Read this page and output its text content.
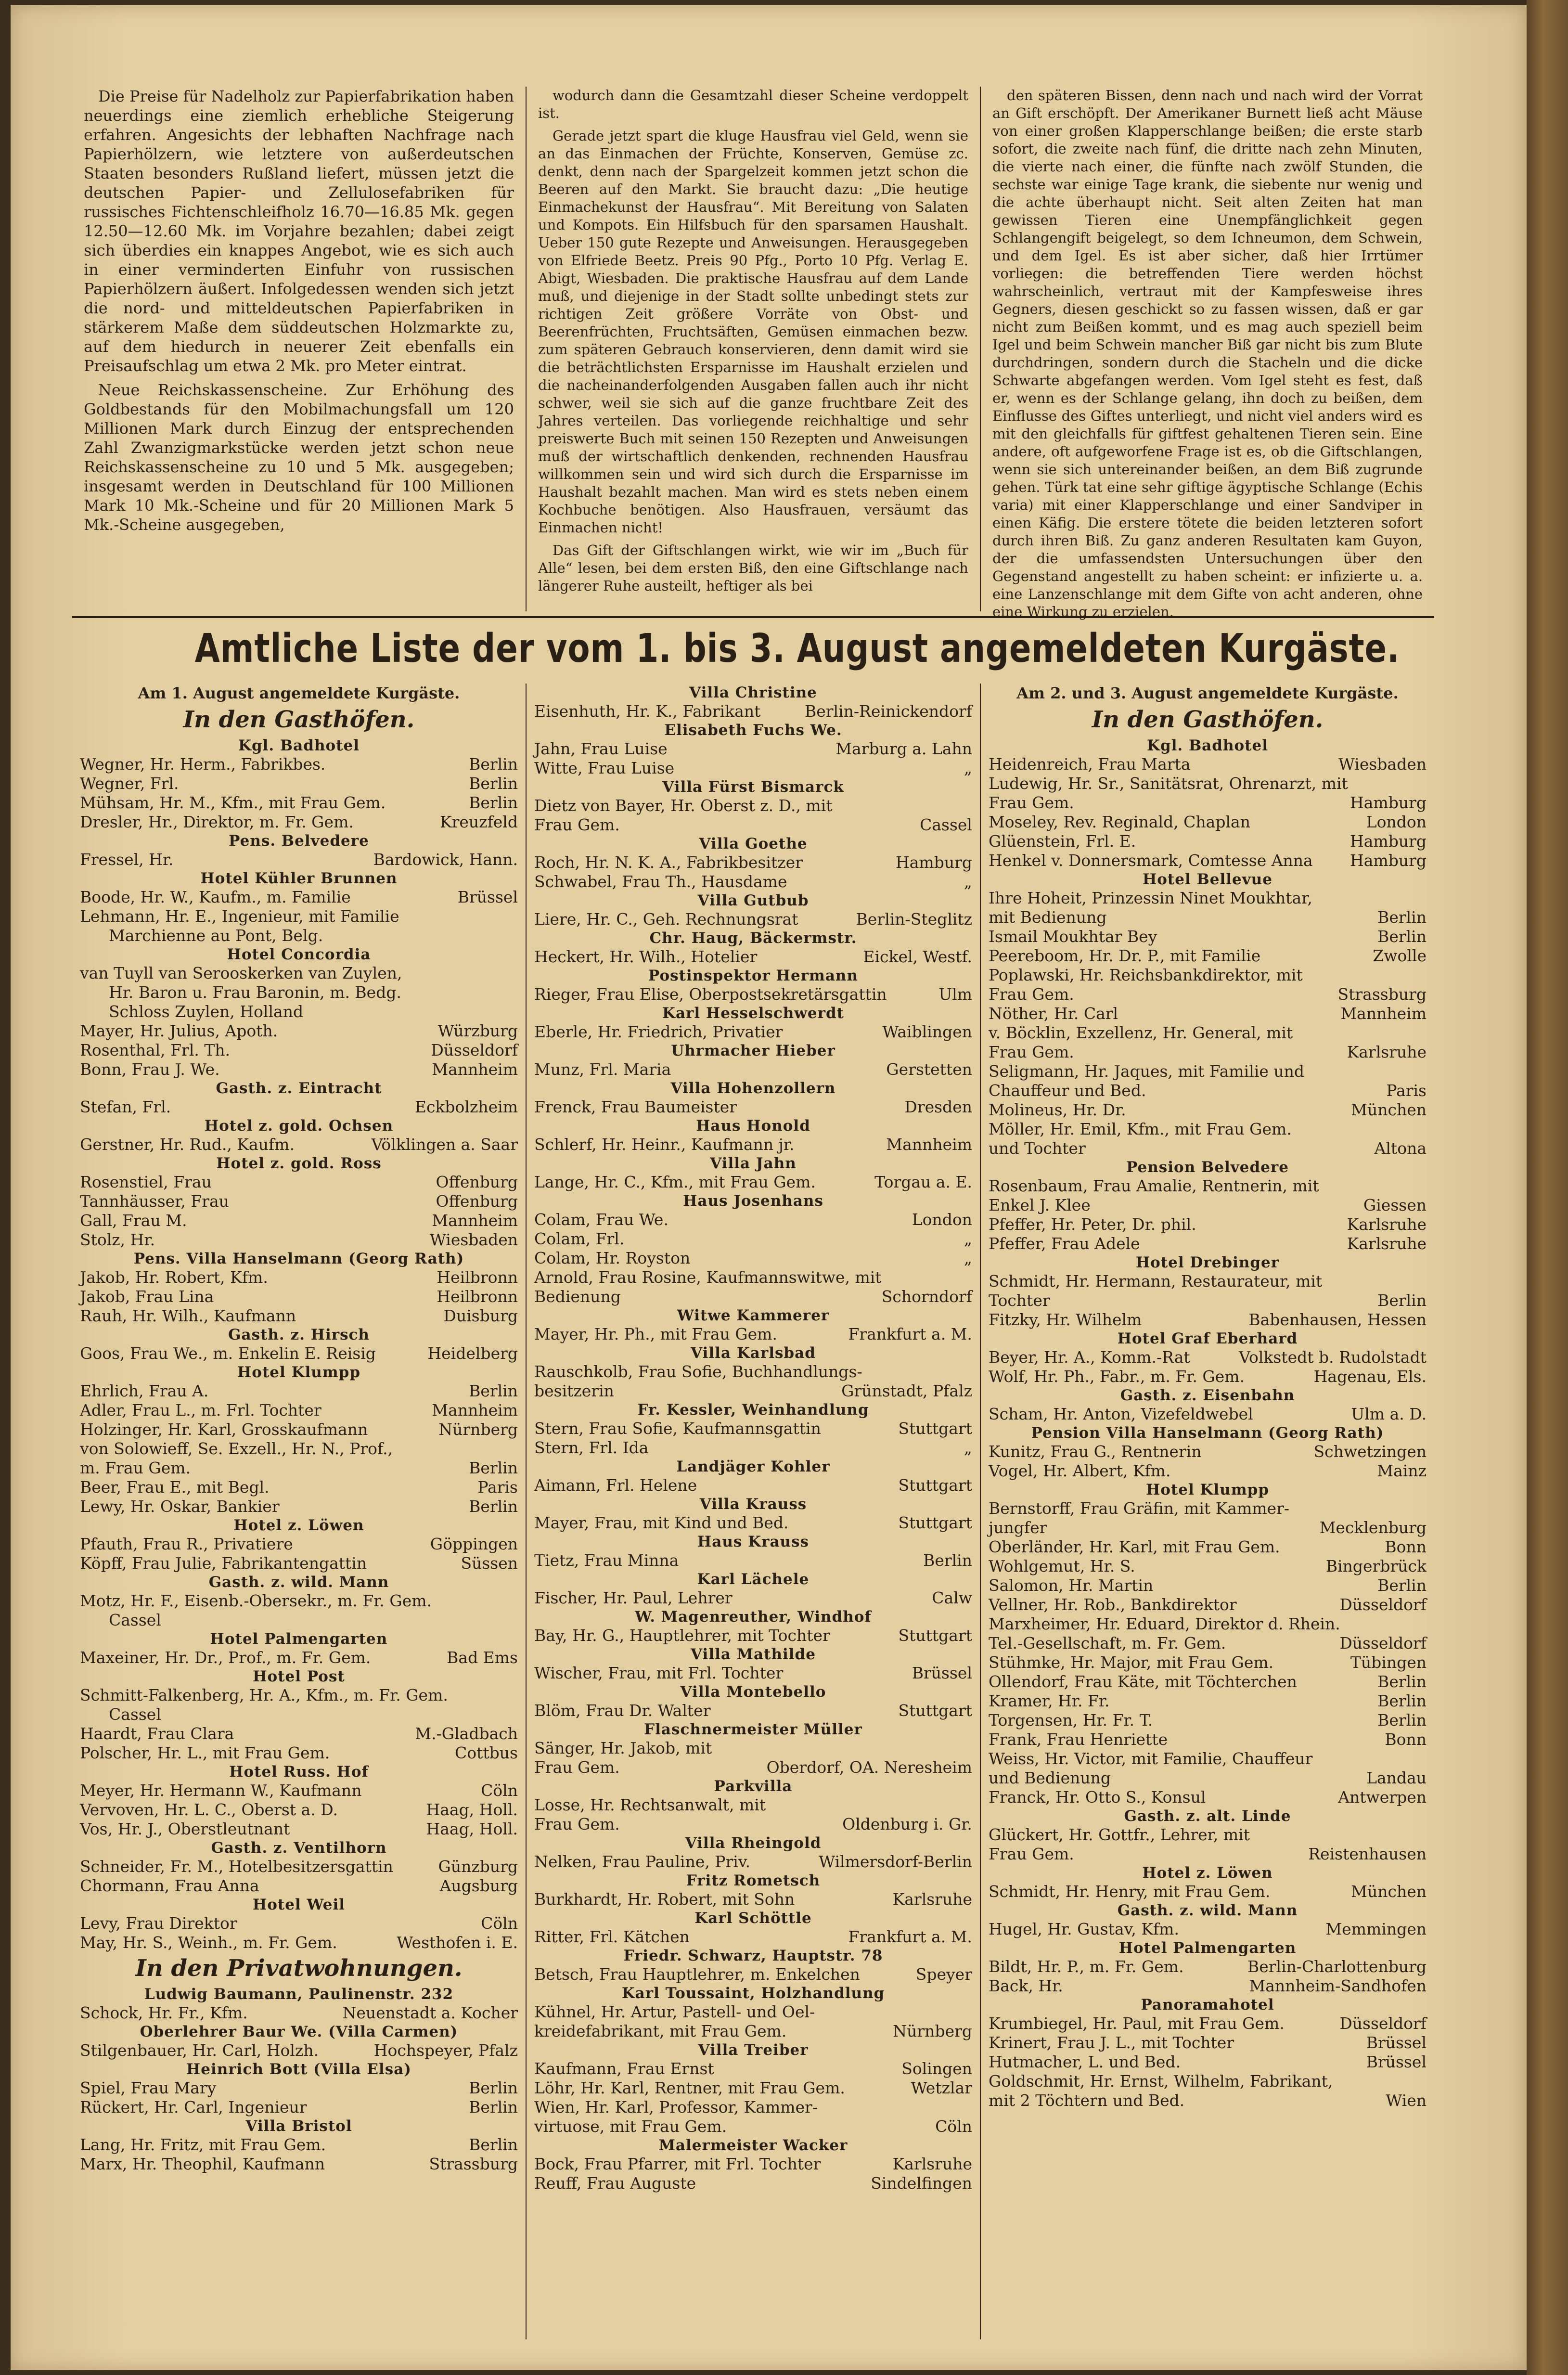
Die Preise für Nadelholz zur Papierfabrikation haben neuerdings eine ziemlich erhebliche Steigerung erfahren. Angesichts der lebhaften Nachfrage nach Papierhölzern, wie letztere von außerdeutschen Staaten besonders Rußland liefert, müssen jetzt die deutschen Papier- und Zellulosefabriken für russisches Fichtenschleifholz 16.70—16.85 Mk. gegen 12.50—12.60 Mk. im Vorjahre bezahlen; dabei zeigt sich überdies ein knappes Angebot, wie es sich auch in einer verminderten Einfuhr von russischen Papierhölzern äußert. Infolgedessen wenden sich jetzt die nord- und mitteldeutschen Papierfabriken in stärkerem Maße dem süddeutschen Holzmarkte zu, auf dem hiedurch in neuerer Zeit ebenfalls ein Preisaufschlag um etwa 2 Mk. pro Meter eintrat.

Neue Reichskassenscheine. Zur Erhöhung des Goldbestands für den Mobilmachungsfall um 120 Millionen Mark durch Einzug der entsprechenden Zahl Zwanzigmarkstücke werden jetzt schon neue Reichskassenscheine zu 10 und 5 Mk. ausgegeben; insgesamt werden in Deutschland für 100 Millionen Mark 10 Mk.-Scheine und für 20 Millionen Mark 5 Mk.-Scheine ausgegeben,

wodurch dann die Gesamtzahl dieser Scheine verdoppelt ist.

Gerade jetzt spart die kluge Hausfrau viel Geld, wenn sie an das Einmachen der Früchte, Konserven, Gemüse zc. denkt, denn nach der Spargelzeit kommen jetzt schon die Beeren auf den Markt. Sie braucht dazu: „Die heutige Einmachekunst der Hausfrau“. Mit Bereitung von Salaten und Kompots. Ein Hilfsbuch für den sparsamen Haushalt. Ueber 150 gute Rezepte und Anweisungen. Herausgegeben von Elfriede Beetz. Preis 90 Pfg., Porto 10 Pfg. Verlag E. Abigt, Wiesbaden. Die praktische Hausfrau auf dem Lande muß, und diejenige in der Stadt sollte unbedingt stets zur richtigen Zeit größere Vorräte von Obst- und Beerenfrüchten, Fruchtsäften, Gemüsen einmachen bezw. zum späteren Gebrauch konservieren, denn damit wird sie die beträchtlichsten Ersparnisse im Haushalt erzielen und die nacheinanderfolgenden Ausgaben fallen auch ihr nicht schwer, weil sie sich auf die ganze fruchtbare Zeit des Jahres verteilen. Das vorliegende reichhaltige und sehr preiswerte Buch mit seinen 150 Rezepten und Anweisungen muß der wirtschaftlich denkenden, rechnenden Hausfrau willkommen sein und wird sich durch die Ersparnisse im Haushalt bezahlt machen. Man wird es stets neben einem Kochbuche benötigen. Also Hausfrauen, versäumt das Einmachen nicht!

Das Gift der Giftschlangen wirkt, wie wir im „Buch für Alle“ lesen, bei dem ersten Biß, den eine Giftschlange nach längerer Ruhe austeilt, heftiger als bei

den späteren Bissen, denn nach und nach wird der Vorrat an Gift erschöpft. Der Amerikaner Burnett ließ acht Mäuse von einer großen Klapperschlange beißen; die erste starb sofort, die zweite nach fünf, die dritte nach zehn Minuten, die vierte nach einer, die fünfte nach zwölf Stunden, die sechste war einige Tage krank, die siebente nur wenig und die achte überhaupt nicht. Seit alten Zeiten hat man gewissen Tieren eine Unempfänglichkeit gegen Schlangengift beigelegt, so dem Ichneumon, dem Schwein, und dem Igel. Es ist aber sicher, daß hier Irrtümer vorliegen: die betreffenden Tiere werden höchst wahrscheinlich, vertraut mit der Kampfesweise ihres Gegners, diesen geschickt so zu fassen wissen, daß er gar nicht zum Beißen kommt, und es mag auch speziell beim Igel und beim Schwein mancher Biß gar nicht bis zum Blute durchdringen, sondern durch die Stacheln und die dicke Schwarte abgefangen werden. Vom Igel steht es fest, daß er, wenn es der Schlange gelang, ihn doch zu beißen, dem Einflusse des Giftes unterliegt, und nicht viel anders wird es mit den gleichfalls für giftfest gehaltenen Tieren sein. Eine andere, oft aufgeworfene Frage ist es, ob die Giftschlangen, wenn sie sich untereinander beißen, an dem Biß zugrunde gehen. Türk tat eine sehr giftige ägyptische Schlange (Echis varia) mit einer Klapperschlange und einer Sandviper in einen Käfig. Die erstere tötete die beiden letzteren sofort durch ihren Biß. Zu ganz anderen Resultaten kam Guyon, der die umfassendsten Untersuchungen über den Gegenstand angestellt zu haben scheint: er infizierte u. a. eine Lanzenschlange mit dem Gifte von acht anderen, ohne eine Wirkung zu erzielen.

Amtliche Liste der vom 1. bis 3. August angemeldeten Kurgäste.
Am 1. August angemeldete Kurgäste.
In den Gasthöfen.
Kgl. Badhotel
Wegner, Hr. Herm., Fabrikbes.	Berlin
Wegner, Frl.	Berlin
Mühsam, Hr. M., Kfm., mit Frau Gem.	Berlin
Dresler, Hr., Direktor, m. Fr. Gem.	Kreuzfeld
Pens. Belvedere
Fressel, Hr.	Bardowick, Hann.
Hotel Kühler Brunnen
Boode, Hr. W., Kaufm., m. Familie	Brüssel
Lehmann, Hr. E., Ingenieur, mit Familie
Marchienne au Pont, Belg.
Hotel Concordia
van Tuyll van Serooskerken van Zuylen,
Hr. Baron u. Frau Baronin, m. Bedg.
Schloss Zuylen, Holland
Mayer, Hr. Julius, Apoth.	Würzburg
Rosenthal, Frl. Th.	Düsseldorf
Bonn, Frau J. We.	Mannheim
Gasth. z. Eintracht
Stefan, Frl.	Eckbolzheim
Hotel z. gold. Ochsen
Gerstner, Hr. Rud., Kaufm.	Völklingen a. Saar
Hotel z. gold. Ross
Rosenstiel, Frau	Offenburg
Tannhäusser, Frau	Offenburg
Gall, Frau M.	Mannheim
Stolz, Hr.	Wiesbaden
Pens. Villa Hanselmann (Georg Rath)
Jakob, Hr. Robert, Kfm.	Heilbronn
Jakob, Frau Lina	Heilbronn
Rauh, Hr. Wilh., Kaufmann	Duisburg
Gasth. z. Hirsch
Goos, Frau We., m. Enkelin E. Reisig	Heidelberg
Hotel Klumpp
Ehrlich, Frau A.	Berlin
Adler, Frau L., m. Frl. Tochter	Mannheim
Holzinger, Hr. Karl, Grosskaufmann	Nürnberg
von Solowieff, Se. Exzell., Hr. N., Prof.,
m. Frau Gem.	Berlin
Beer, Frau E., mit Begl.	Paris
Lewy, Hr. Oskar, Bankier	Berlin
Hotel z. Löwen
Pfauth, Frau R., Privatiere	Göppingen
Köpff, Frau Julie, Fabrikantengattin	Süssen
Gasth. z. wild. Mann
Motz, Hr. F., Eisenb.-Obersekr., m. Fr. Gem.
Cassel
Hotel Palmengarten
Maxeiner, Hr. Dr., Prof., m. Fr. Gem.	Bad Ems
Hotel Post
Schmitt-Falkenberg, Hr. A., Kfm., m. Fr. Gem.
Cassel
Haardt, Frau Clara	M.-Gladbach
Polscher, Hr. L., mit Frau Gem.	Cottbus
Hotel Russ. Hof
Meyer, Hr. Hermann W., Kaufmann	Cöln
Vervoven, Hr. L. C., Oberst a. D.	Haag, Holl.
Vos, Hr. J., Oberstleutnant	Haag, Holl.
Gasth. z. Ventilhorn
Schneider, Fr. M., Hotelbesitzersgattin	Günzburg
Chormann, Frau Anna	Augsburg
Hotel Weil
Levy, Frau Direktor	Cöln
May, Hr. S., Weinh., m. Fr. Gem.	Westhofen i. E.
In den Privatwohnungen.
Ludwig Baumann, Paulinenstr. 232
Schock, Hr. Fr., Kfm.	Neuenstadt a. Kocher
Oberlehrer Baur We. (Villa Carmen)
Stilgenbauer, Hr. Carl, Holzh.	Hochspeyer, Pfalz
Heinrich Bott (Villa Elsa)
Spiel, Frau Mary	Berlin
Rückert, Hr. Carl, Ingenieur	Berlin
Villa Bristol
Lang, Hr. Fritz, mit Frau Gem.	Berlin
Marx, Hr. Theophil, Kaufmann	Strassburg
Villa Christine
Eisenhuth, Hr. K., Fabrikant	Berlin-Reinickendorf
Elisabeth Fuchs We.
Jahn, Frau Luise	Marburg a. Lahn
Witte, Frau Luise	„
Villa Fürst Bismarck
Dietz von Bayer, Hr. Oberst z. D., mit
Frau Gem.	Cassel
Villa Goethe
Roch, Hr. N. K. A., Fabrikbesitzer	Hamburg
Schwabel, Frau Th., Hausdame	„
Villa Gutbub
Liere, Hr. C., Geh. Rechnungsrat	Berlin-Steglitz
Chr. Haug, Bäckermstr.
Heckert, Hr. Wilh., Hotelier	Eickel, Westf.
Postinspektor Hermann
Rieger, Frau Elise, Oberpostsekretärsgattin	Ulm
Karl Hesselschwerdt
Eberle, Hr. Friedrich, Privatier	Waiblingen
Uhrmacher Hieber
Munz, Frl. Maria	Gerstetten
Villa Hohenzollern
Frenck, Frau Baumeister	Dresden
Haus Honold
Schlerf, Hr. Heinr., Kaufmann jr.	Mannheim
Villa Jahn
Lange, Hr. C., Kfm., mit Frau Gem.	Torgau a. E.
Haus Josenhans
Colam, Frau We.	London
Colam, Frl.	„
Colam, Hr. Royston	„
Arnold, Frau Rosine, Kaufmannswitwe, mit
Bedienung	Schorndorf
Witwe Kammerer
Mayer, Hr. Ph., mit Frau Gem.	Frankfurt a. M.
Villa Karlsbad
Rauschkolb, Frau Sofie, Buchhandlungs-
besitzerin	Grünstadt, Pfalz
Fr. Kessler, Weinhandlung
Stern, Frau Sofie, Kaufmannsgattin	Stuttgart
Stern, Frl. Ida	„
Landjäger Kohler
Aimann, Frl. Helene	Stuttgart
Villa Krauss
Mayer, Frau, mit Kind und Bed.	Stuttgart
Haus Krauss
Tietz, Frau Minna	Berlin
Karl Lächele
Fischer, Hr. Paul, Lehrer	Calw
W. Magenreuther, Windhof
Bay, Hr. G., Hauptlehrer, mit Tochter	Stuttgart
Villa Mathilde
Wischer, Frau, mit Frl. Tochter	Brüssel
Villa Montebello
Blöm, Frau Dr. Walter	Stuttgart
Flaschnermeister Müller
Sänger, Hr. Jakob, mit
Frau Gem.	Oberdorf, OA. Neresheim
Parkvilla
Losse, Hr. Rechtsanwalt, mit
Frau Gem.	Oldenburg i. Gr.
Villa Rheingold
Nelken, Frau Pauline, Priv.	Wilmersdorf-Berlin
Fritz Rometsch
Burkhardt, Hr. Robert, mit Sohn	Karlsruhe
Karl Schöttle
Ritter, Frl. Kätchen	Frankfurt a. M.
Friedr. Schwarz, Hauptstr. 78
Betsch, Frau Hauptlehrer, m. Enkelchen	Speyer
Karl Toussaint, Holzhandlung
Kühnel, Hr. Artur, Pastell- und Oel-
kreidefabrikant, mit Frau Gem.	Nürnberg
Villa Treiber
Kaufmann, Frau Ernst	Solingen
Löhr, Hr. Karl, Rentner, mit Frau Gem.	Wetzlar
Wien, Hr. Karl, Professor, Kammer-
virtuose, mit Frau Gem.	Cöln
Malermeister Wacker
Bock, Frau Pfarrer, mit Frl. Tochter	Karlsruhe
Reuff, Frau Auguste	Sindelfingen
Am 2. und 3. August angemeldete Kurgäste.
In den Gasthöfen.
Kgl. Badhotel
Heidenreich, Frau Marta	Wiesbaden
Ludewig, Hr. Sr., Sanitätsrat, Ohrenarzt, mit
Frau Gem.	Hamburg
Moseley, Rev. Reginald, Chaplan	London
Glüenstein, Frl. E.	Hamburg
Henkel v. Donnersmark, Comtesse Anna	Hamburg
Hotel Bellevue
Ihre Hoheit, Prinzessin Ninet Moukhtar,
mit Bedienung	Berlin
Ismail Moukhtar Bey	Berlin
Peereboom, Hr. Dr. P., mit Familie	Zwolle
Poplawski, Hr. Reichsbankdirektor, mit
Frau Gem.	Strassburg
Nöther, Hr. Carl	Mannheim
v. Böcklin, Exzellenz, Hr. General, mit
Frau Gem.	Karlsruhe
Seligmann, Hr. Jaques, mit Familie und
Chauffeur und Bed.	Paris
Molineus, Hr. Dr.	München
Möller, Hr. Emil, Kfm., mit Frau Gem.
und Tochter	Altona
Pension Belvedere
Rosenbaum, Frau Amalie, Rentnerin, mit
Enkel J. Klee	Giessen
Pfeffer, Hr. Peter, Dr. phil.	Karlsruhe
Pfeffer, Frau Adele	Karlsruhe
Hotel Drebinger
Schmidt, Hr. Hermann, Restaurateur, mit
Tochter	Berlin
Fitzky, Hr. Wilhelm	Babenhausen, Hessen
Hotel Graf Eberhard
Beyer, Hr. A., Komm.-Rat	Volkstedt b. Rudolstadt
Wolf, Hr. Ph., Fabr., m. Fr. Gem.	Hagenau, Els.
Gasth. z. Eisenbahn
Scham, Hr. Anton, Vizefeldwebel	Ulm a. D.
Pension Villa Hanselmann (Georg Rath)
Kunitz, Frau G., Rentnerin	Schwetzingen
Vogel, Hr. Albert, Kfm.	Mainz
Hotel Klumpp
Bernstorff, Frau Gräfin, mit Kammer-
jungfer	Mecklenburg
Oberländer, Hr. Karl, mit Frau Gem.	Bonn
Wohlgemut, Hr. S.	Bingerbrück
Salomon, Hr. Martin	Berlin
Vellner, Hr. Rob., Bankdirektor	Düsseldorf
Marxheimer, Hr. Eduard, Direktor d. Rhein.
Tel.-Gesellschaft, m. Fr. Gem.	Düsseldorf
Stühmke, Hr. Major, mit Frau Gem.	Tübingen
Ollendorf, Frau Käte, mit Töchterchen	Berlin
Kramer, Hr. Fr.	Berlin
Torgensen, Hr. Fr. T.	Berlin
Frank, Frau Henriette	Bonn
Weiss, Hr. Victor, mit Familie, Chauffeur
und Bedienung	Landau
Franck, Hr. Otto S., Konsul	Antwerpen
Gasth. z. alt. Linde
Glückert, Hr. Gottfr., Lehrer, mit
Frau Gem.	Reistenhausen
Hotel z. Löwen
Schmidt, Hr. Henry, mit Frau Gem.	München
Gasth. z. wild. Mann
Hugel, Hr. Gustav, Kfm.	Memmingen
Hotel Palmengarten
Bildt, Hr. P., m. Fr. Gem.	Berlin-Charlottenburg
Back, Hr.	Mannheim-Sandhofen
Panoramahotel
Krumbiegel, Hr. Paul, mit Frau Gem.	Düsseldorf
Krinert, Frau J. L., mit Tochter	Brüssel
Hutmacher, L. und Bed.	Brüssel
Goldschmit, Hr. Ernst, Wilhelm, Fabrikant,
mit 2 Töchtern und Bed.	Wien
